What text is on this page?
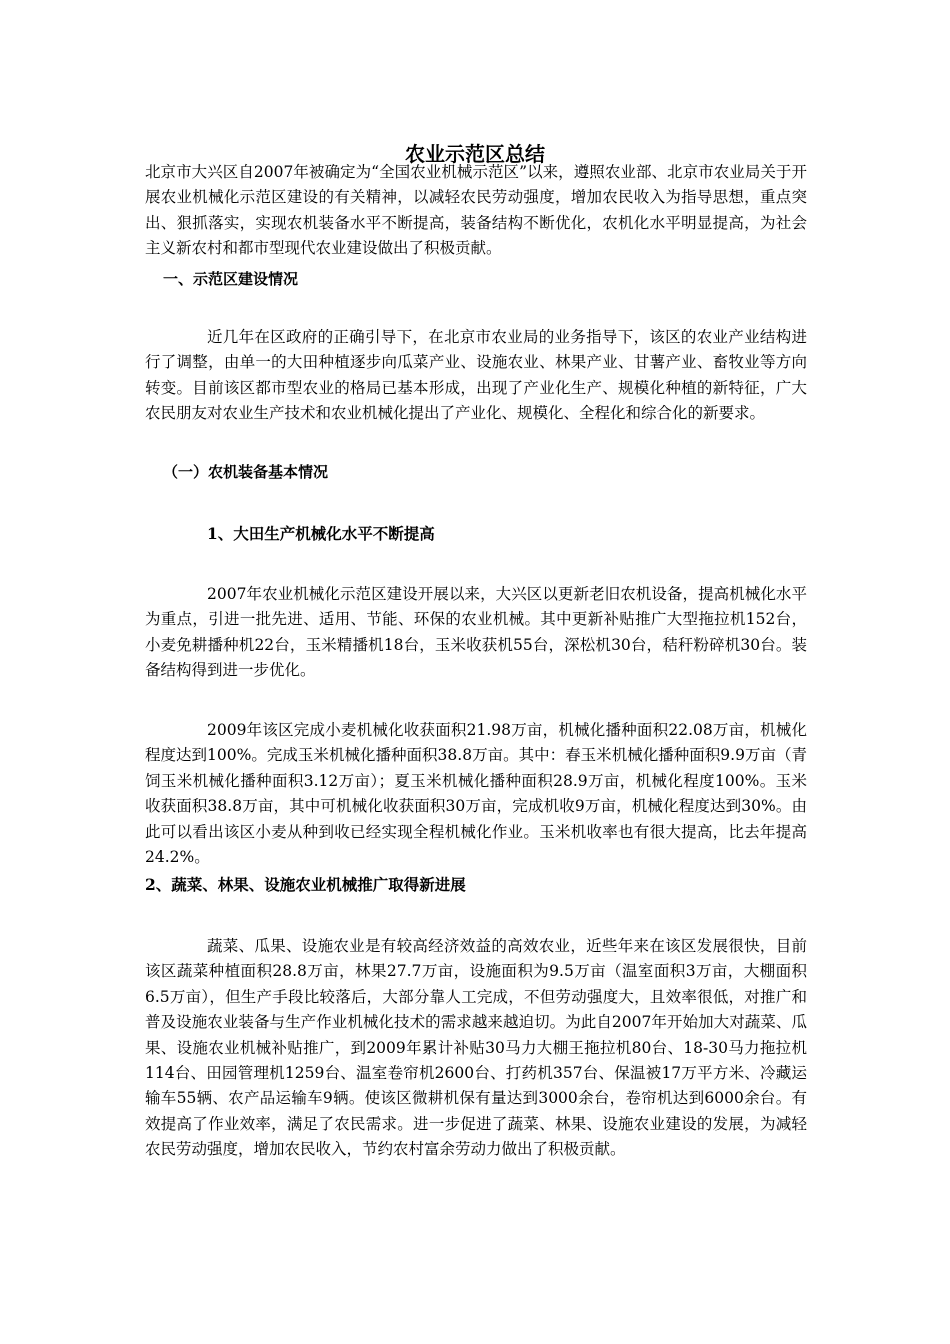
农业示范区总结

北京市大兴区自2007年被确定为“全国农业机械示范区”以来，遵照农业部、北京市农业局关于开展农业机械化示范区建设的有关精神，以减轻农民劳动强度，增加农民收入为指导思想，重点突出、狠抓落实，实现农机装备水平不断提高，装备结构不断优化，农机化水平明显提高，为社会主义新农村和都市型现代农业建设做出了积极贡献。

一、示范区建设情况

近几年在区政府的正确引导下，在北京市农业局的业务指导下，该区的农业产业结构进行了调整，由单一的大田种植逐步向瓜菜产业、设施农业、林果产业、甘薯产业、畜牧业等方向转变。目前该区都市型农业的格局已基本形成，出现了产业化生产、规模化种植的新特征，广大农民朋友对农业生产技术和农业机械化提出了产业化、规模化、全程化和综合化的新要求。

（一）农机装备基本情况
1、大田生产机械化水平不断提高

2007年农业机械化示范区建设开展以来，大兴区以更新老旧农机设备，提高机械化水平为重点，引进一批先进、适用、节能、环保的农业机械。其中更新补贴推广大型拖拉机152台，小麦免耕播种机22台，玉米精播机18台，玉米收获机55台，深松机30台，秸秆粉碎机30台。装备结构得到进一步优化。

2009年该区完成小麦机械化收获面积21.98万亩，机械化播种面积22.08万亩，机械化程度达到100%。完成玉米机械化播种面积38.8万亩。其中：春玉米机械化播种面积9.9万亩（青饲玉米机械化播种面积3.12万亩）；夏玉米机械化播种面积28.9万亩，机械化程度100%。玉米收获面积38.8万亩，其中可机械化收获面积30万亩，完成机收9万亩，机械化程度达到30%。由此可以看出该区小麦从种到收已经实现全程机械化作业。玉米机收率也有很大提高，比去年提高24.2%。

2、蔬菜、林果、设施农业机械推广取得新进展

蔬菜、瓜果、设施农业是有较高经济效益的高效农业，近些年来在该区发展很快，目前该区蔬菜种植面积28.8万亩，林果27.7万亩，设施面积为9.5万亩（温室面积3万亩，大棚面积6.5万亩），但生产手段比较落后，大部分靠人工完成，不但劳动强度大，且效率很低，对推广和普及设施农业装备与生产作业机械化技术的需求越来越迫切。为此自2007年开始加大对蔬菜、瓜果、设施农业机械补贴推广，到2009年累计补贴30马力大棚王拖拉机80台、18-30马力拖拉机114台、田园管理机1259台、温室卷帘机2600台、打药机357台、保温被17万平方米、冷藏运输车55辆、农产品运输车9辆。使该区微耕机保有量达到3000余台，卷帘机达到6000余台。有效提高了作业效率，满足了农民需求。进一步促进了蔬菜、林果、设施农业建设的发展，为减轻农民劳动强度，增加农民收入，节约农村富余劳动力做出了积极贡献。
